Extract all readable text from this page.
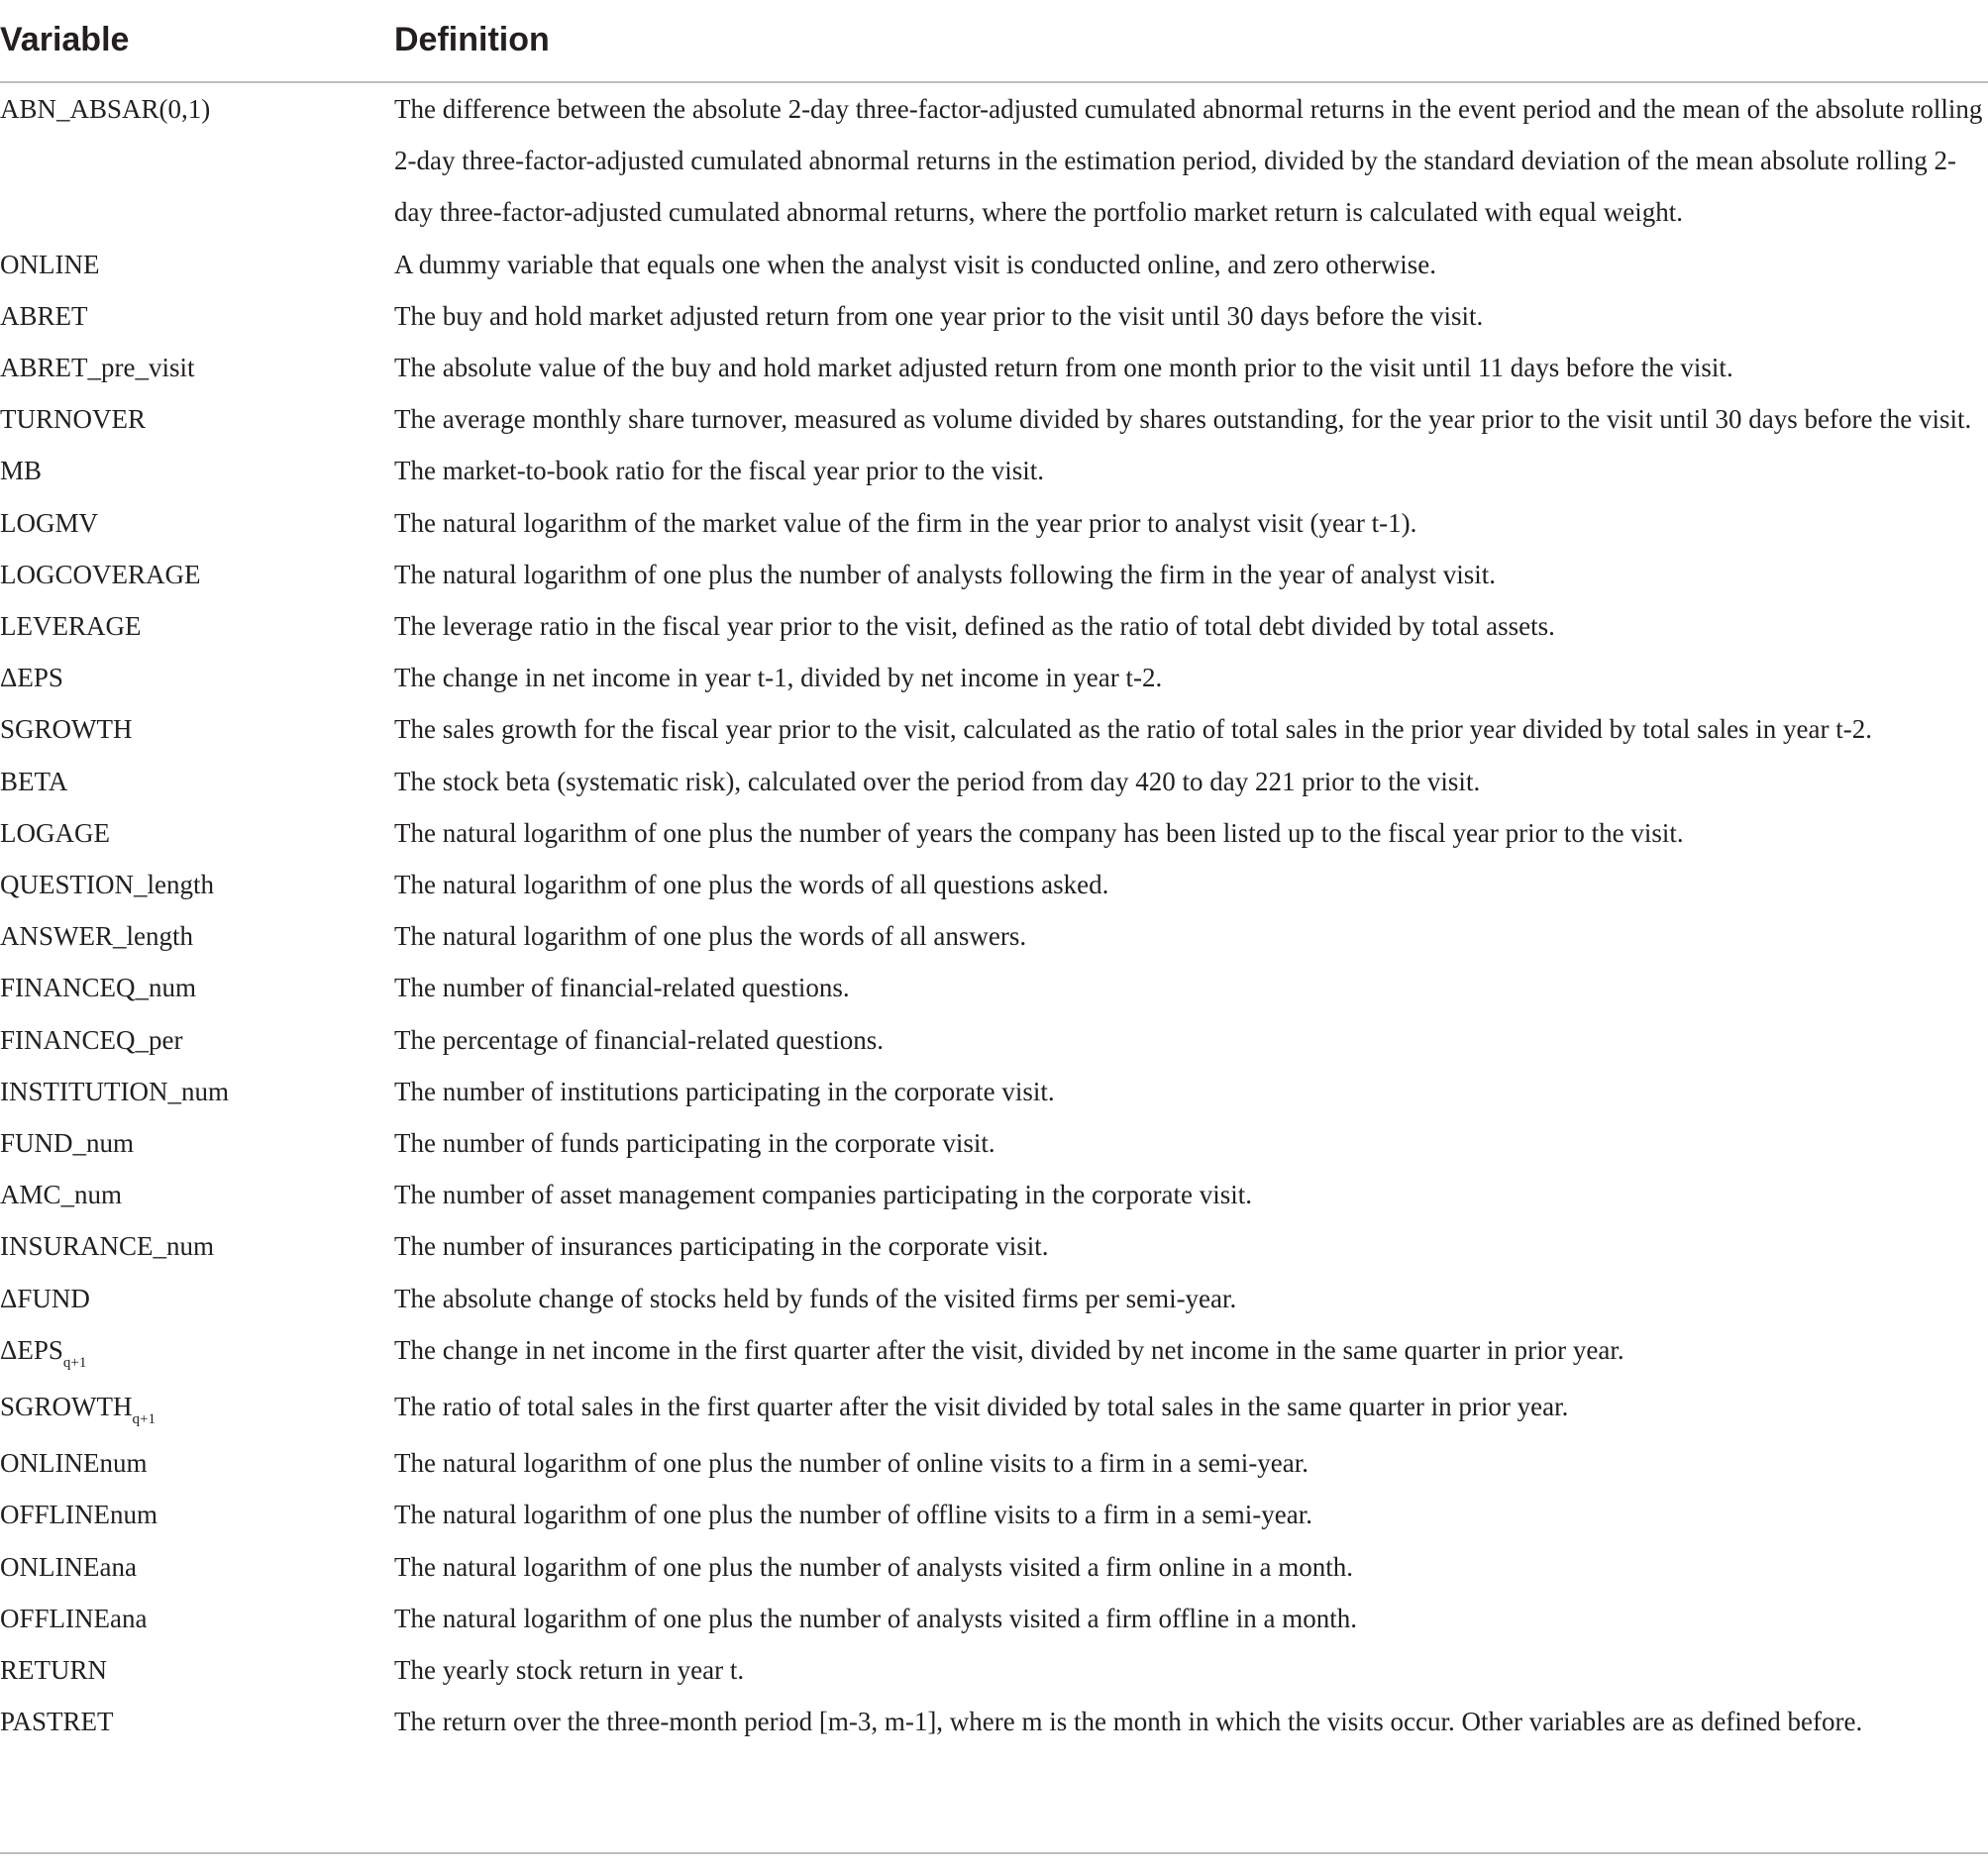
Variable	Definition
ABN_ABSAR(0,1)	The difference between the absolute 2-day three-factor-adjusted cumulated abnormal returns in the event period and the mean of the absolute rolling 2-day three-factor-adjusted cumulated abnormal returns in the estimation period, divided by the standard deviation of the mean absolute rolling 2-day three-factor-adjusted cumulated abnormal returns, where the portfolio market return is calculated with equal weight.
ONLINE	A dummy variable that equals one when the analyst visit is conducted online, and zero otherwise.
ABRET	The buy and hold market adjusted return from one year prior to the visit until 30 days before the visit.
ABRET_pre_visit	The absolute value of the buy and hold market adjusted return from one month prior to the visit until 11 days before the visit.
TURNOVER	The average monthly share turnover, measured as volume divided by shares outstanding, for the year prior to the visit until 30 days before the visit.
MB	The market-to-book ratio for the fiscal year prior to the visit.
LOGMV	The natural logarithm of the market value of the firm in the year prior to analyst visit (year t-1).
LOGCOVERAGE	The natural logarithm of one plus the number of analysts following the firm in the year of analyst visit.
LEVERAGE	The leverage ratio in the fiscal year prior to the visit, defined as the ratio of total debt divided by total assets.
ΔEPS	The change in net income in year t-1, divided by net income in year t-2.
SGROWTH	The sales growth for the fiscal year prior to the visit, calculated as the ratio of total sales in the prior year divided by total sales in year t-2.
BETA	The stock beta (systematic risk), calculated over the period from day 420 to day 221 prior to the visit.
LOGAGE	The natural logarithm of one plus the number of years the company has been listed up to the fiscal year prior to the visit.
QUESTION_length	The natural logarithm of one plus the words of all questions asked.
ANSWER_length	The natural logarithm of one plus the words of all answers.
FINANCEQ_num	The number of financial-related questions.
FINANCEQ_per	The percentage of financial-related questions.
INSTITUTION_num	The number of institutions participating in the corporate visit.
FUND_num	The number of funds participating in the corporate visit.
AMC_num	The number of asset management companies participating in the corporate visit.
INSURANCE_num	The number of insurances participating in the corporate visit.
ΔFUND	The absolute change of stocks held by funds of the visited firms per semi-year.
$\Delta EPS_{q+1}$	The change in net income in the first quarter after the visit, divided by net income in the same quarter in prior year.
$SGROWTH_{q+1}$	The ratio of total sales in the first quarter after the visit divided by total sales in the same quarter in prior year.
ONLINEnum	The natural logarithm of one plus the number of online visits to a firm in a semi-year.
OFFLINEnum	The natural logarithm of one plus the number of offline visits to a firm in a semi-year.
ONLINEana	The natural logarithm of one plus the number of analysts visited a firm online in a month.
OFFLINEana	The natural logarithm of one plus the number of analysts visited a firm offline in a month.
RETURN	The yearly stock return in year t.
PASTRET	The return over the three-month period [m-3, m-1], where m is the month in which the visits occur. Other variables are as defined before.
